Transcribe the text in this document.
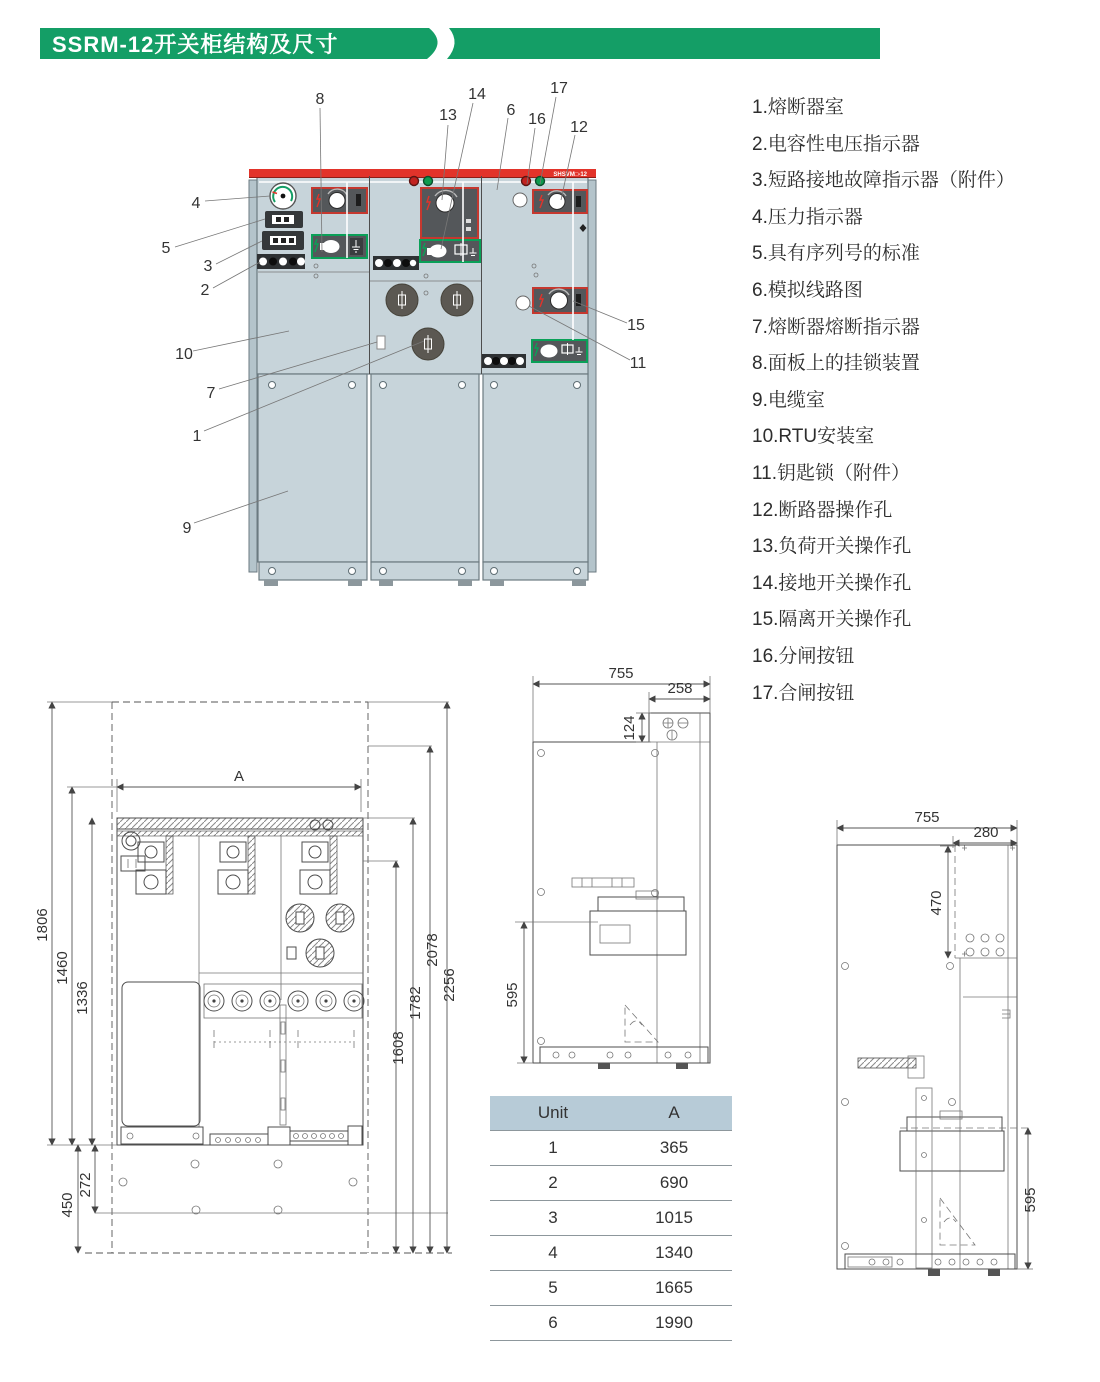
SSRM-12开关柜结构及尺寸
1.熔断器室
2.电容性电压指示器
3.短路接地故障指示器（附件）
4.压力指示器
5.具有序列号的标准
6.模拟线路图
7.熔断器熔断指示器
8.面板上的挂锁装置
9.电缆室
10.RTU安装室
11.钥匙锁（附件）
12.断路器操作孔
13.负荷开关操作孔
14.接地开关操作孔
15.隔离开关操作孔
16.分闸按钮
17.合闸按钮
SHSVM□-12
1
2
3
4
5
6
7
8
9
10
11
12
13
14
15
16
17
A
1806
1460
1336
450
272
1608
1782
2078
2256
755
258
124
595
755
280
470
595
Unit	A
1	365
2	690
3	1015
4	1340
5	1665
6	1990
